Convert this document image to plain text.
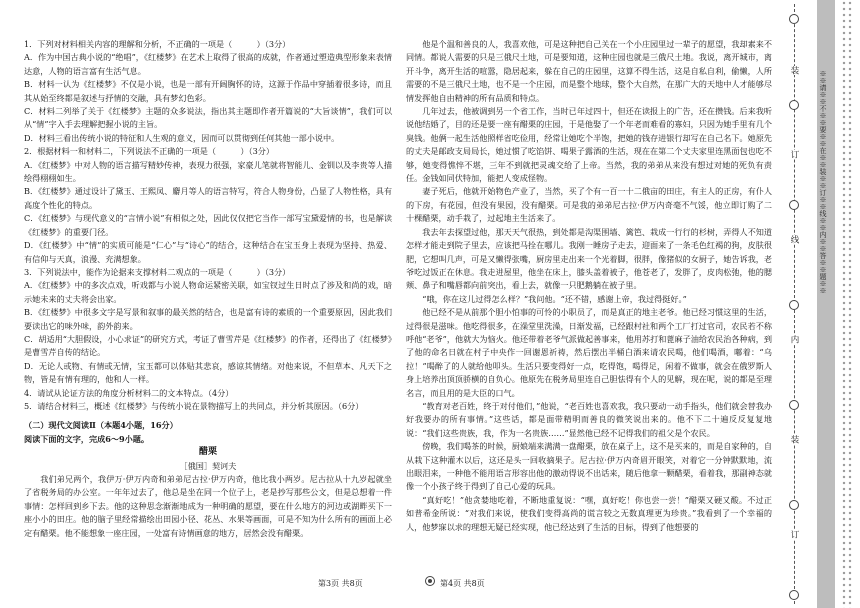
1．下列对材料相关内容的理解和分析，不正确的一项是（　　　）（3分）

A．作为中国古典小说的“绝唱”，《红楼梦》在艺术上取得了很高的成就，作者通过塑造典型形象来表情达意，人物的语言富有生活气息。

B．材料一认为《红楼梦》不仅是小说，也是一部有开阔胸怀的诗，这源于作品中穿插着很多诗，而且其从始至终都是叙述与抒情的交融，具有梦幻色彩。

C．材料二列举了关于《红楼梦》主题的众多说法，指出其主题即作者开篇说的“大旨谈情”，我们可以从“情”字入手去理解把握小说的主旨。

D．材料三看出传统小说的特征和人生观的意义，因而可以贯彻到任何其他一部小说中。

2．根据材料一和材料二，下列说法不正确的一项是（　　　）（3分）

A．《红楼梦》中对人物的语言描写精妙传神，表现力很强，家豪儿笔就将智能儿、金钏以及李贵等人描绘得栩栩如生。

B．《红楼梦》通过设计了黛玉、王熙凤、麝月等人的语言特写，符合人物身份，凸显了人物性格，具有高度个性化的特点。

C．《红楼梦》与现代意义的“言情小说”有相似之处，因此仅仅把它当作一部写宝黛爱情的书，也是解读《红楼梦》的重要门径。

D．《红楼梦》中“情”的实质可能是“仁心”与“诗心”的结合，这种结合在宝玉身上表现为坚持、热爱、有信仰与天真，浪漫、充满想象。

3．下列说法中，能作为论据来支撑材料二观点的一项是（　　　）（3分）

A．《红楼梦》中的多次点戏，听戏都与小说人物命运紧密关联，如宝钗过生日时点了涉及和尚的戏，暗示她未来的丈夫将会出家。

B．《红楼梦》中很多文字是写景和叙事的最关然的结合，也是富有诗的素质的一个重要原因，因此我们要读出它的味外味，韵外韵来。

C．胡适用“大胆假设，小心求证”的研究方式，考证了曹雪芹是《红楼梦》的作者，还得出了《红楼梦》是曹雪芹自传的结论。

D．无论人或物、有情或无情，宝玉都可以体贴其悲哀，感谅其情绪。对他来说，不但草本、凡天下之物，皆是有情有理的，他和人一样。

4．请试从论证方法的角度分析材料二的文本特点。（4分）

5．请结合材料三，概述《红楼梦》与传统小说在景物描写上的共同点，并分析其原因。（6分）

（二）现代文阅读Ⅱ（本题4小题，16分）

阅读下面的文字，完成6～9小题。

醋栗

［俄国］契诃夫

我们弟兄两个，我伊万·伊万内奇和弟弟尼古拉·伊万内奇，他比我小两岁。尼古拉从十九岁起就坐了省税务局的办公室。一年年过去了，他总是坐在同一个位子上，老是抄写那些公文，但是总想着一件事情：怎样回到乡下去。他的这种思念渐渐地成为一种明确的愿望，要在什么地方的河边或湖畔买下一座小小的田庄。他的脑子里经常描绘出田园小径、花丛、水果等画面，可是不知为什么所有的画面上必定有醋栗。他不能想象一座庄园，一处富有诗情画意的地方，居然会没有醋栗。

他是个温和善良的人，我喜欢他，可是这种把自己关在一个小庄园里过一辈子的愿望，我却素来不同情。都说人需要的只是三俄尺土地，可是要知道，这种庄园也就是三俄尺土地。我说，离开城市，离开斗争，离开生活的喧嚣，隐居起来，躲在自己的庄园里，这算不得生活，这是自私自利，偷懒，人所需要的不是三俄尺土地，也不是一个庄园，而是整个地球，整个大自然，在那广大的天地中人才能够尽情发挥他自由精神的所有品质和特点。

几年过去，他被调到另一个省工作，当时已年过四十，但还在读报上的广告，还在攒钱。后来我听说他结婚了，目的还是要一座有醋栗的庄园，于是他娶了一个年老而难看的寡妇，只因为她手里有几个臭钱。他俩一起生活他照样省吃俭用，经常让她吃个半饱，把她的钱存进银行却写在自己名下。她原先的丈夫是邮政支局局长，她过惯了吃馅饼、喝果子露酒的生活，现在在第二个丈夫家里连黑面包也吃不够，她变得憔悴不堪，三年不到就把灵魂交给了上帝。当然，我的弟弟从来没有想过对她的死负有责任。金钱如同伏特加，能把人变成怪物。

妻子死后，他就开始物色产业了，当然，买了个有一百一十二俄亩的田庄，有主人的正房，有仆人的下房，有花园，但没有果园，没有醋栗。可是我的弟弟尼古拉·伊万内奇毫不气馁，他立即订购了二十棵醋栗，动手栽了，过起地主生活来了。

我去年去探望过他，那天天气很热，到处都是沟渠围墙、篱笆、栽成一行行的杉树，弄得人不知道怎样才能走到院子里去，应该把马拴在哪儿。我刚一睡房子走去，迎面来了一条毛色红褐的狗，皮肤很肥，它想叫几声，可是又懒得张嘴，厨房里走出来一个光着脚，很胖，像猪似的女厨子，她告诉我，老爷吃过饭正在休息。我走进屋里，他坐在床上，膝头盖着被子，他苍老了，发胖了，皮肉松弛，他的腮颊、鼻子和嘴唇都向前突出，看上去，就像一只肥鹅躺在被子里。

“哦，你在这儿过得怎么样？”我问他。“还不错，感谢上帝，我过得挺好。”

他已经不是从前那个胆小怕事的可怜的小职员了，而是真正的地主老爷。他已经习惯这里的生活，过得很是滋味。他吃得很多，在澡堂里洗澡，日渐发福，已经跟村社和两个工厂打过官司，农民若不称呼他“老爷”，他就大为恼火。他还带着老爷气派做起善事来，他用苏打和蓖麻子油给农民治各种病，到了他的命名日就在村子中央作一回谢恩祈祷，然后摆出半桶白酒来请农民喝，他们喝酒，嘟着：“乌拉！”喝醉了的人就给他叩头。生活只要变得好一点，吃得饱，喝得足，闲着不做事，就会在俄罗斯人身上培养出顶顶骄横的自负心。他原先在税务局里连自己胆怯得有个人的见解，现在呢，说的都是至理名言，而且用的是大臣的口气。

“教育对老百姓，终于对付他们，”他说，“老百姓也喜欢我，我只要动一动手指头，他们就会替我办好我要办的所有事情。”这些话，都是面带精明而善良的微笑说出来的。他不下二十遍反反复复地说：“我们这些贵族，我，作为一名贵族……”显然他已经不记得我们的祖父是个农民。

傍晚，我们喝茶的时候，厨娘端来满满一盘醋栗，放在桌子上，这不是买来的，而是自家种的，自从栽下这种灌木以后，这还是头一回收摘果子。尼古拉·伊万内奇眉开眼笑，对着它一分钟默默地，流出眼泪来，一种他不能用语言形容出他的激动得说不出话来，随后他拿一颗醋栗，看着我，那副神态就像一个小孩子终于得到了自己心爱的玩具。

“真好吃！”他贪婪地吃着，不断地重复说：“嘿，真好吃！你也尝一尝！”醋栗又硬又酸。不过正如普希金所说：“对我们来说，使我们变得高尚的谎言较之无数真理更为珍贵。”我看到了一个幸福的人，他梦寐以求的理想无疑已经实现，他已经达到了生活的目标，得到了他想要的

第3页 共8页	第4页 共8页
装
订
线
内
装
订
※※请※※不※※要※※在※※装※※订※※线※※内※※答※※题※※
